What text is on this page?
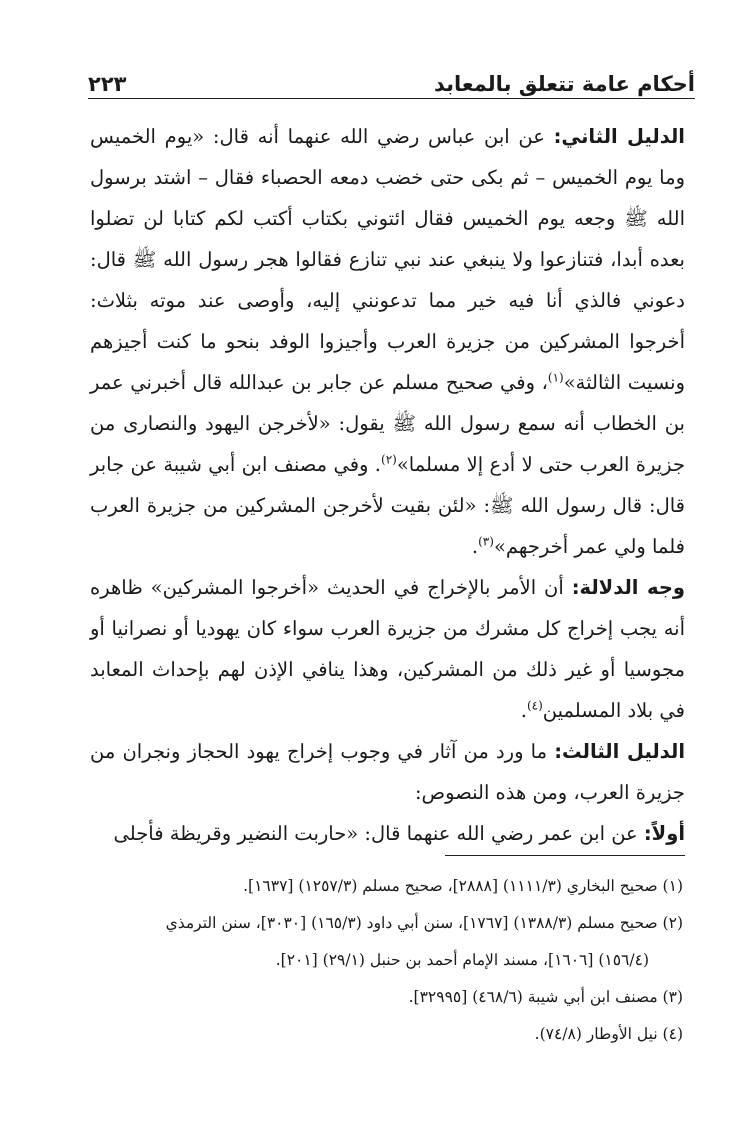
أحكام عامة تتعلق بالمعابد
٢٢٣

الدليل الثاني: عن ابن عباس رضي الله عنهما أنه قال: «يوم الخميس وما يوم الخميس – ثم بكى حتى خضب دمعه الحصباء فقال – اشتد برسول الله ﷺ وجعه يوم الخميس فقال ائتوني بكتاب أكتب لكم كتابا لن تضلوا بعده أبدا، فتنازعوا ولا ينبغي عند نبي تنازع فقالوا هجر رسول الله ﷺ قال: دعوني فالذي أنا فيه خير مما تدعونني إليه، وأوصى عند موته بثلاث: أخرجوا المشركين من جزيرة العرب وأجيزوا الوفد بنحو ما كنت أجيزهم ونسيت الثالثة»$^{(١)}$، وفي صحيح مسلم عن جابر بن عبدالله قال أخبرني عمر بن الخطاب أنه سمع رسول الله ﷺ يقول: «لأخرجن اليهود والنصارى من جزيرة العرب حتى لا أدع إلا مسلما»$^{(٢)}$. وفي مصنف ابن أبي شيبة عن جابر قال: قال رسول الله ﷺ: «لئن بقيت لأخرجن المشركين من جزيرة العرب فلما ولي عمر أخرجهم»$^{(٣)}$.

وجه الدلالة: أن الأمر بالإخراج في الحديث «أخرجوا المشركين» ظاهره أنه يجب إخراج كل مشرك من جزيرة العرب سواء كان يهوديا أو نصرانيا أو مجوسيا أو غير ذلك من المشركين، وهذا ينافي الإذن لهم بإحداث المعابد في بلاد المسلمين$^{(٤)}$.

الدليل الثالث: ما ورد من آثار في وجوب إخراج يهود الحجاز ونجران من جزيرة العرب، ومن هذه النصوص:

أولاً: عن ابن عمر رضي الله عنهما قال: «حاربت النضير وقريظة فأجلى

(١) صحيح البخاري (١١١١/٣) [٢٨٨٨]، صحيح مسلم (١٢٥٧/٣) [١٦٣٧].
(٢) صحيح مسلم (١٣٨٨/٣) [١٧٦٧]، سنن أبي داود (١٦٥/٣) [٣٠٣٠]، سنن الترمذي
(١٥٦/٤) [١٦٠٦]، مسند الإمام أحمد بن حنبل (٢٩/١) [٢٠١].
(٣) مصنف ابن أبي شيبة (٤٦٨/٦) [٣٢٩٩٥].
(٤) نيل الأوطار (٧٤/٨).
